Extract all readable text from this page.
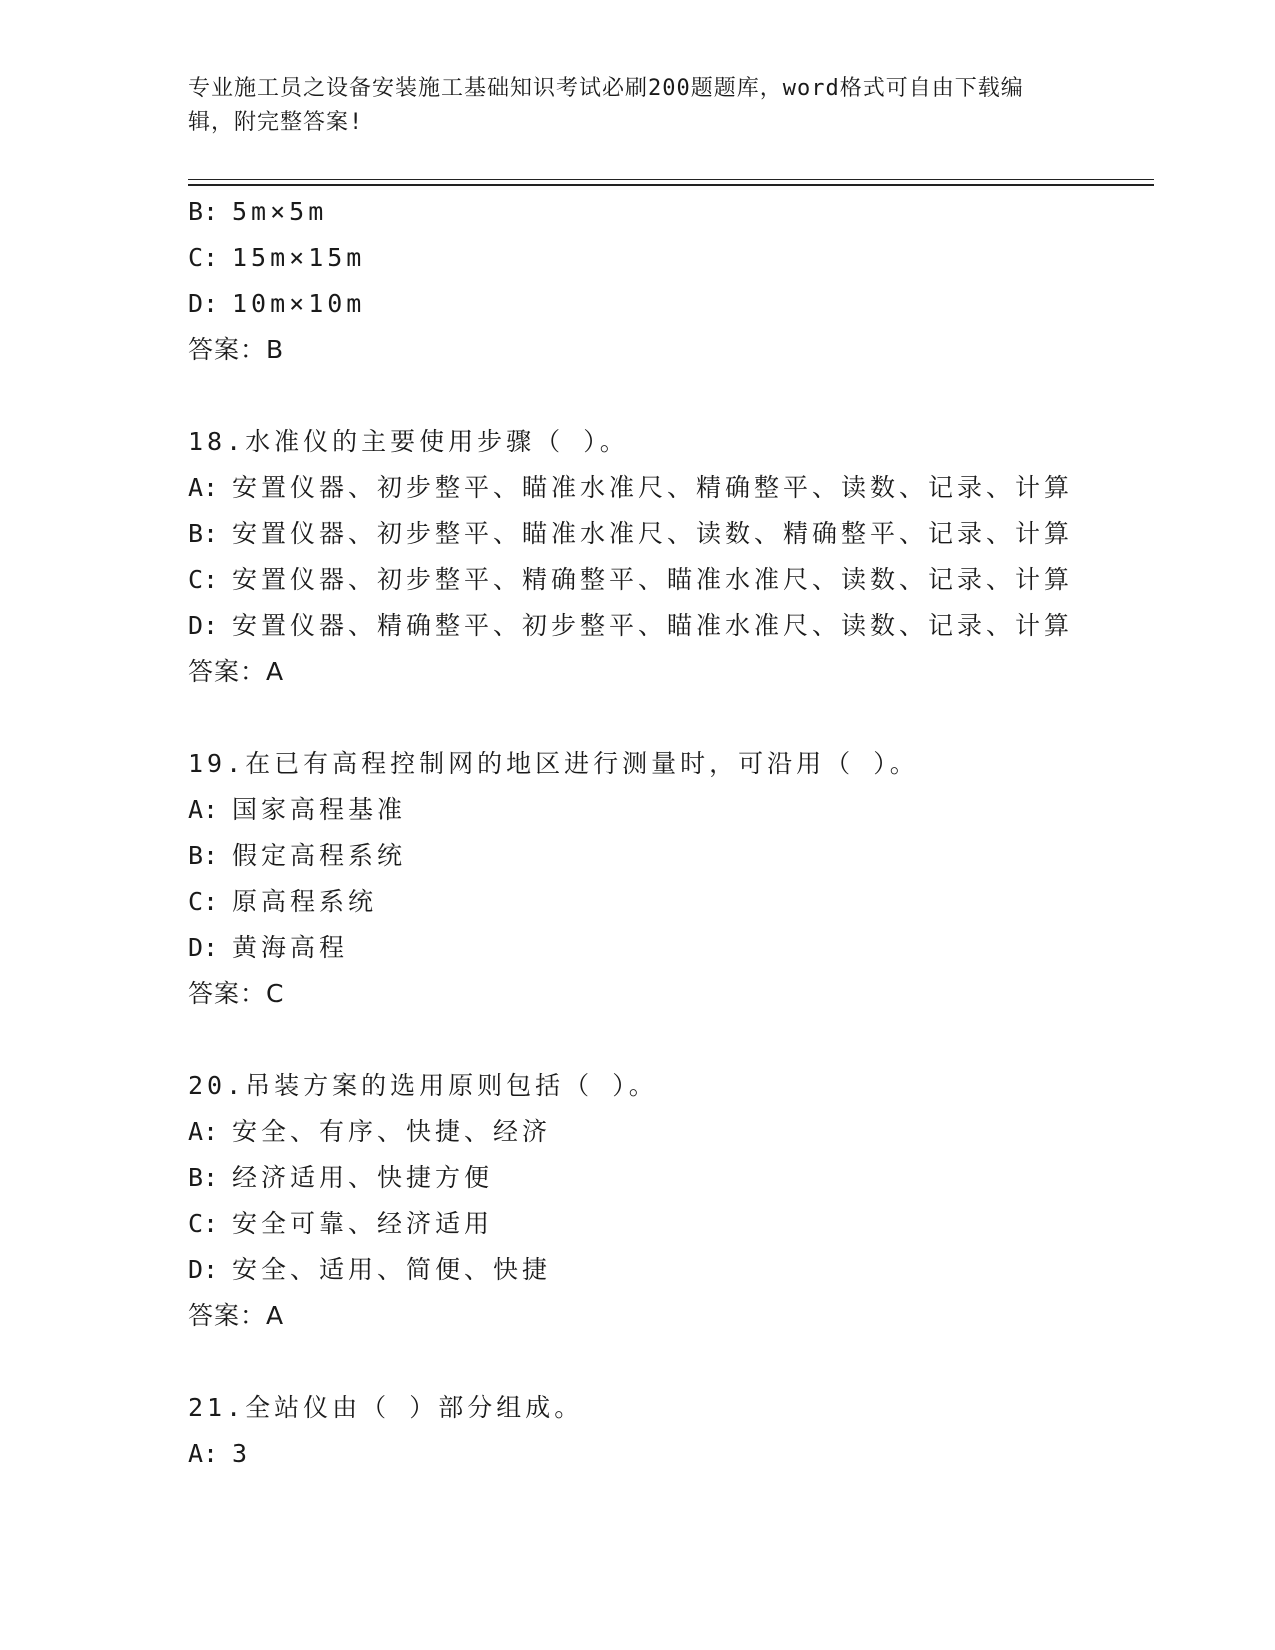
专业施工员之设备安装施工基础知识考试必刷200题题库，word格式可自由下载编辑，附完整答案!
B: 5m×5m
C: 15m×15m
D: 10m×10m
答案：B
18.水准仪的主要使用步骤（ ）。
A: 安置仪器、初步整平、瞄准水准尺、精确整平、读数、记录、计算
B: 安置仪器、初步整平、瞄准水准尺、读数、精确整平、记录、计算
C: 安置仪器、初步整平、精确整平、瞄准水准尺、读数、记录、计算
D: 安置仪器、精确整平、初步整平、瞄准水准尺、读数、记录、计算
答案：A
19.在已有高程控制网的地区进行测量时，可沿用（ ）。
A: 国家高程基准
B: 假定高程系统
C: 原高程系统
D: 黄海高程
答案：C
20.吊装方案的选用原则包括（ ）。
A: 安全、有序、快捷、经济
B: 经济适用、快捷方便
C: 安全可靠、经济适用
D: 安全、适用、简便、快捷
答案：A
21.全站仪由（ ）部分组成。
A: 3
